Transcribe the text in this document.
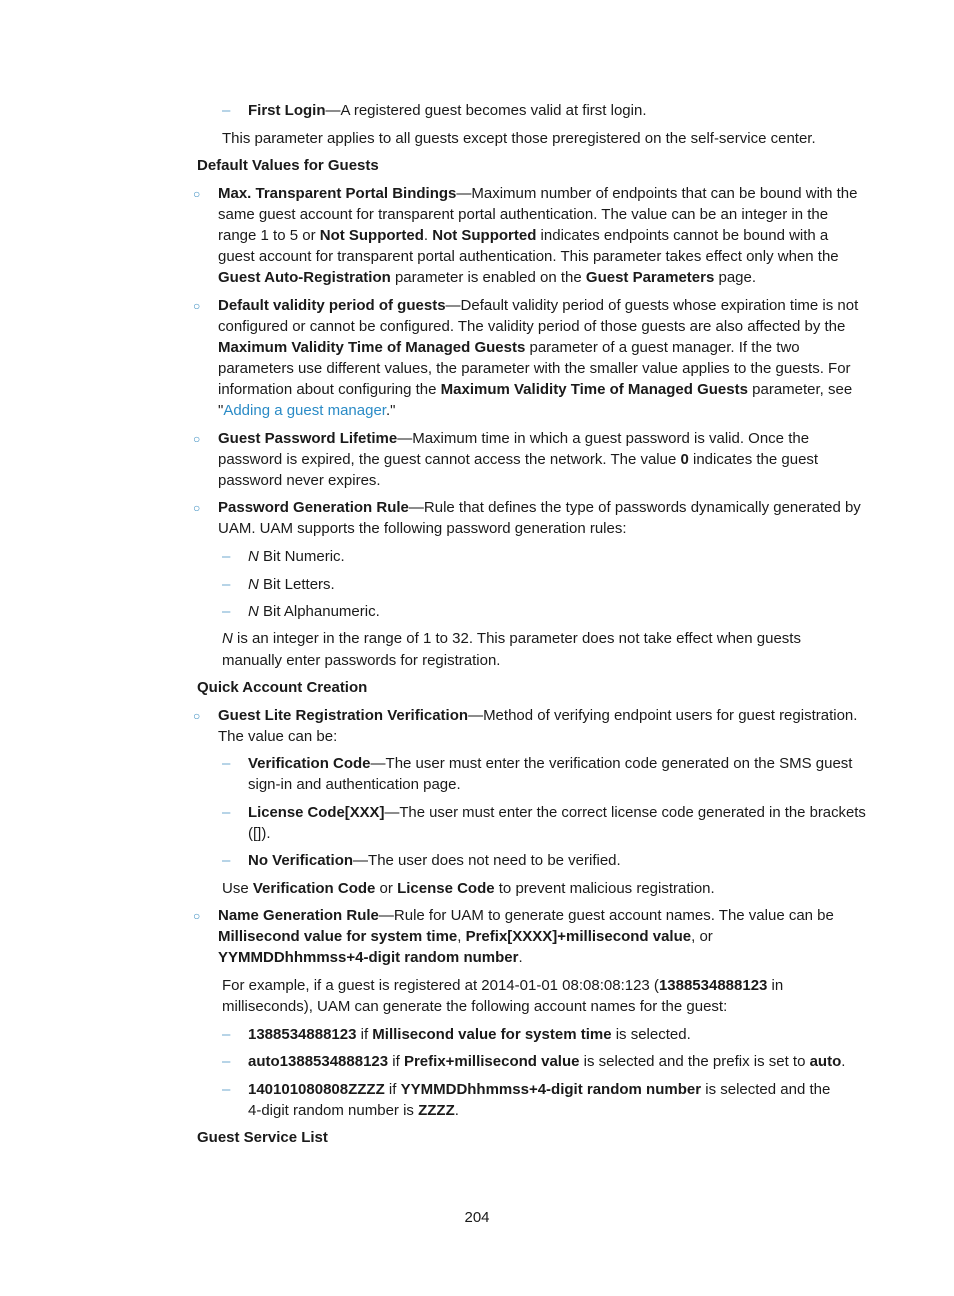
– First Login—A registered guest becomes valid at first login.
This parameter applies to all guests except those preregistered on the self-service center.
Default Values for Guests
○ Max. Transparent Portal Bindings—Maximum number of endpoints that can be bound with the
same guest account for transparent portal authentication. The value can be an integer in the
range 1 to 5 or Not Supported. Not Supported indicates endpoints cannot be bound with a
guest account for transparent portal authentication. This parameter takes effect only when the
Guest Auto-Registration parameter is enabled on the Guest Parameters page.
○ Default validity period of guests—Default validity period of guests whose expiration time is not
configured or cannot be configured. The validity period of those guests are also affected by the
Maximum Validity Time of Managed Guests parameter of a guest manager. If the two
parameters use different values, the parameter with the smaller value applies to the guests. For
information about configuring the Maximum Validity Time of Managed Guests parameter, see
"Adding a guest manager."
○ Guest Password Lifetime—Maximum time in which a guest password is valid. Once the
password is expired, the guest cannot access the network. The value 0 indicates the guest
password never expires.
○ Password Generation Rule—Rule that defines the type of passwords dynamically generated by
UAM. UAM supports the following password generation rules:
– N Bit Numeric.
– N Bit Letters.
– N Bit Alphanumeric.
N is an integer in the range of 1 to 32. This parameter does not take effect when guests
manually enter passwords for registration.
Quick Account Creation
○ Guest Lite Registration Verification—Method of verifying endpoint users for guest registration.
The value can be:
– Verification Code—The user must enter the verification code generated on the SMS guest
sign-in and authentication page.
– License Code[XXX]—The user must enter the correct license code generated in the brackets
([]).
– No Verification—The user does not need to be verified.
Use Verification Code or License Code to prevent malicious registration.
○ Name Generation Rule—Rule for UAM to generate guest account names. The value can be
Millisecond value for system time, Prefix[XXXX]+millisecond value, or
YYMMDDhhmmss+4-digit random number.
For example, if a guest is registered at 2014-01-01 08:08:08:123 (1388534888123 in
milliseconds), UAM can generate the following account names for the guest:
– 1388534888123 if Millisecond value for system time is selected.
– auto1388534888123 if Prefix+millisecond value is selected and the prefix is set to auto.
– 140101080808ZZZZ if YYMMDDhhmmss+4-digit random number is selected and the
4-digit random number is ZZZZ.
Guest Service List
204
